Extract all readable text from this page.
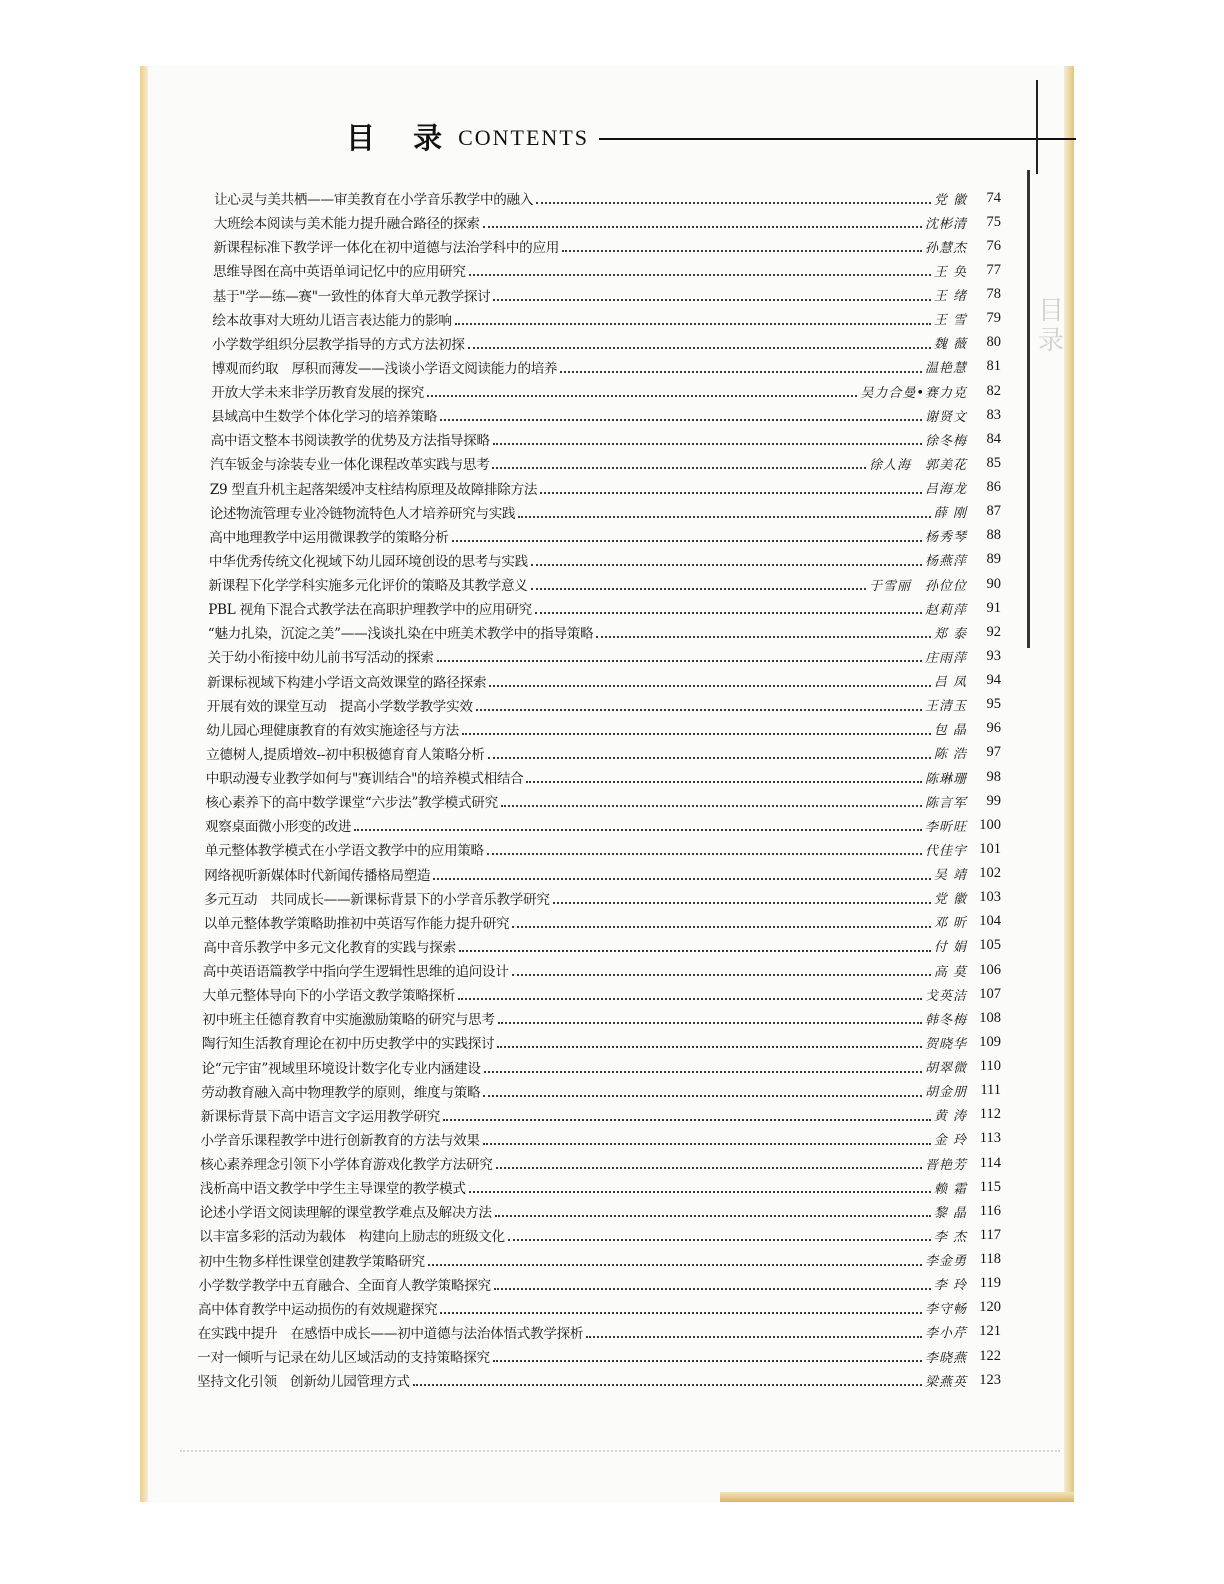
目 录 CONTENTS
目 录
让心灵与美共栖——审美教育在小学音乐教学中的融入	党 徽	74
大班绘本阅读与美术能力提升融合路径的探索	沈彬清	75
新课程标准下教学评一体化在初中道德与法治学科中的应用	孙慧杰	76
思维导图在高中英语单词记忆中的应用研究	王 奂	77
基于"学—练—赛"一致性的体育大单元教学探讨	王 绪	78
绘本故事对大班幼儿语言表达能力的影响	王 雪	79
小学数学组织分层教学指导的方式方法初探	魏 薇	80
博观而约取　厚积而薄发——浅谈小学语文阅读能力的培养	温艳慧	81
开放大学未来非学历教育发展的探究	吴力合曼•赛力克	82
县域高中生数学个体化学习的培养策略	谢贤文	83
高中语文整本书阅读教学的优势及方法指导探略	徐冬梅	84
汽车钣金与涂装专业一体化课程改革实践与思考	徐人海　郭美花	85
Z9 型直升机主起落架缓冲支柱结构原理及故障排除方法	吕海龙	86
论述物流管理专业冷链物流特色人才培养研究与实践	薛 刚	87
高中地理教学中运用微课教学的策略分析	杨秀琴	88
中华优秀传统文化视域下幼儿园环境创设的思考与实践	杨燕萍	89
新课程下化学学科实施多元化评价的策略及其教学意义	于雪丽　孙位位	90
PBL 视角下混合式教学法在高职护理教学中的应用研究	赵莉萍	91
“魅力扎染，沉淀之美”——浅谈扎染在中班美术教学中的指导策略	郑 泰	92
关于幼小衔接中幼儿前书写活动的探索	庄雨萍	93
新课标视域下构建小学语文高效课堂的路径探索	吕 凤	94
开展有效的课堂互动　提高小学数学教学实效	王清玉	95
幼儿园心理健康教育的有效实施途径与方法	包 晶	96
立德树人,提质增效--初中积极德育育人策略分析	陈 浩	97
中职动漫专业教学如何与"赛训结合"的培养模式相结合	陈琳珊	98
核心素养下的高中数学课堂“六步法”教学模式研究	陈言军	99
观察桌面微小形变的改进	李昕旺 100
单元整体教学模式在小学语文教学中的应用策略	代佳宇 101
网络视听新媒体时代新闻传播格局塑造	吴 靖 102
多元互动　共同成长——新课标背景下的小学音乐教学研究	党 徽 103
以单元整体教学策略助推初中英语写作能力提升研究	邓 昕 104
高中音乐教学中多元文化教育的实践与探索	付 娟 105
高中英语语篇教学中指向学生逻辑性思维的追问设计	高 莫 106
大单元整体导向下的小学语文教学策略探析	戈英洁 107
初中班主任德育教育中实施激励策略的研究与思考	韩冬梅 108
陶行知生活教育理论在初中历史教学中的实践探讨	贺晓华 109
论“元宇宙”视域里环境设计数字化专业内涵建设	胡翠微 110
劳动教育融入高中物理教学的原则，维度与策略	胡金朋 111
新课标背景下高中语言文字运用教学研究	黄 涛 112
小学音乐课程教学中进行创新教育的方法与效果	金 玲 113
核心素养理念引领下小学体育游戏化教学方法研究	晋艳芳 114
浅析高中语文教学中学生主导课堂的教学模式	赖 霜 115
论述小学语文阅读理解的课堂教学难点及解决方法	黎 晶 116
以丰富多彩的活动为载体　构建向上励志的班级文化	李 杰 117
初中生物多样性课堂创建教学策略研究	李金勇 118
小学数学教学中五育融合、全面育人教学策略探究	李 玲 119
高中体育教学中运动损伤的有效规避探究	李守畅 120
在实践中提升　在感悟中成长——初中道德与法治体悟式教学探析	李小芹 121
一对一倾听与记录在幼儿区域活动的支持策略探究	李晓燕 122
坚持文化引领　创新幼儿园管理方式	梁燕英 123
